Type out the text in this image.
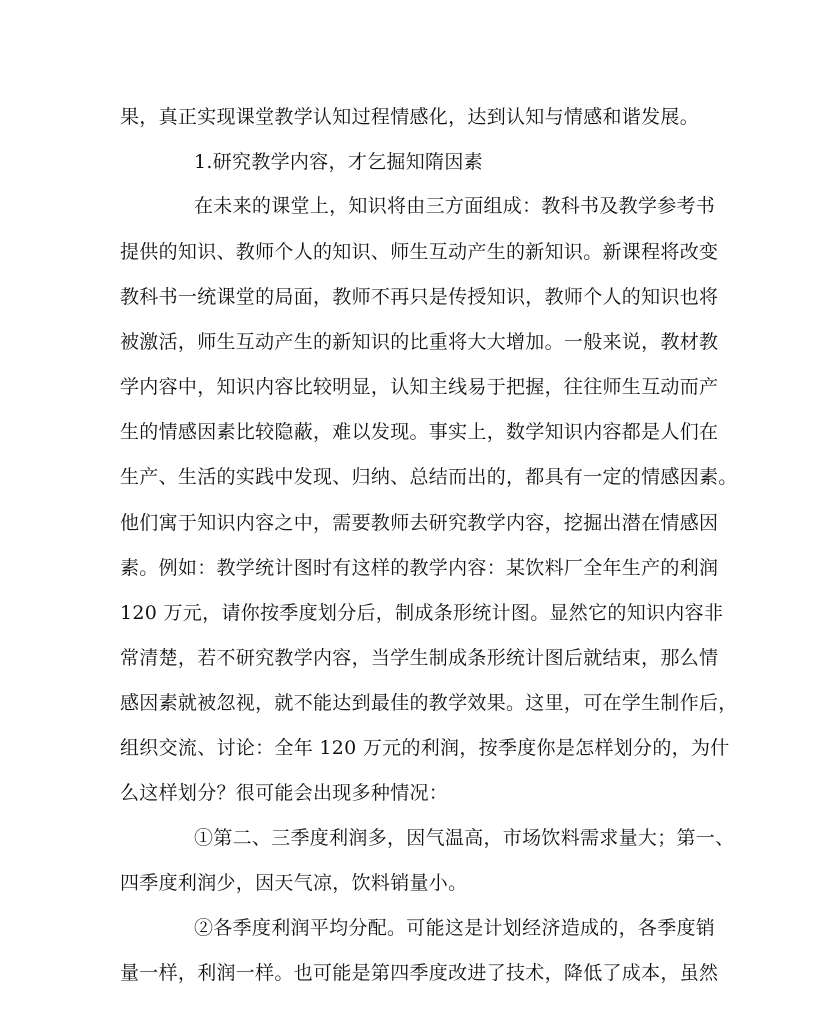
果，真正实现课堂教学认知过程情感化，达到认知与情感和谐发展。
1.研究教学内容，才乞掘知隋因素
在未来的课堂上，知识将由三方面组成：教科书及教学参考书
提供的知识、教师个人的知识、师生互动产生的新知识。新课程将改变
教科书一统课堂的局面，教师不再只是传授知识，教师个人的知识也将
被激活，师生互动产生的新知识的比重将大大增加。一般来说，教材教
学内容中，知识内容比较明显，认知主线易于把握，往往师生互动而产
生的情感因素比较隐蔽，难以发现。事实上，数学知识内容都是人们在
生产、生活的实践中发现、归纳、总结而出的，都具有一定的情感因素。
他们寓于知识内容之中，需要教师去研究教学内容，挖掘出潜在情感因
素。例如：教学统计图时有这样的教学内容：某饮料厂全年生产的利润
120 万元，请你按季度划分后，制成条形统计图。显然它的知识内容非
常清楚，若不研究教学内容，当学生制成条形统计图后就结束，那么情
感因素就被忽视，就不能达到最佳的教学效果。这里，可在学生制作后，
组织交流、讨论：全年 120 万元的利润，按季度你是怎样划分的，为什
么这样划分？很可能会出现多种情况：
①第二、三季度利润多，因气温高，市场饮料需求量大；第一、
四季度利润少，因天气凉，饮料销量小。
②各季度利润平均分配。可能这是计划经济造成的，各季度销
量一样，利润一样。也可能是第四季度改进了技术，降低了成本，虽然
